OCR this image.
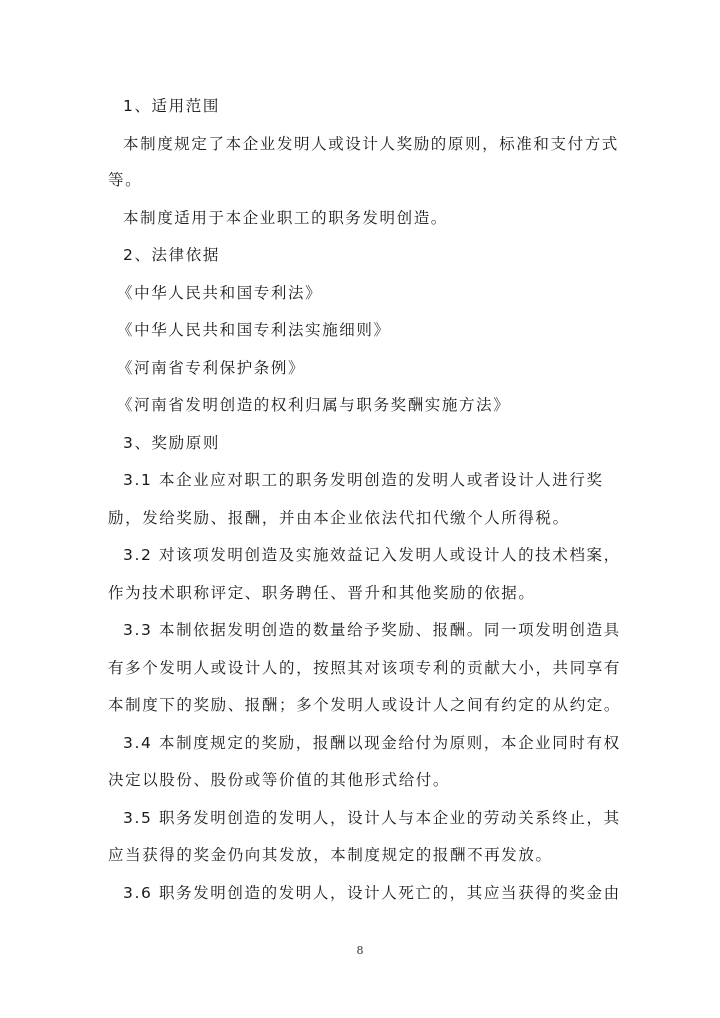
1、适用范围
本制度规定了本企业发明人或设计人奖励的原则，标准和支付方式
等。
本制度适用于本企业职工的职务发明创造。
2、法律依据
《中华人民共和国专利法》
《中华人民共和国专利法实施细则》
《河南省专利保护条例》
《河南省发明创造的权利归属与职务奖酬实施方法》
3、奖励原则
3.1 本企业应对职工的职务发明创造的发明人或者设计人进行奖
励，发给奖励、报酬，并由本企业依法代扣代缴个人所得税。
3.2 对该项发明创造及实施效益记入发明人或设计人的技术档案，
作为技术职称评定、职务聘任、晋升和其他奖励的依据。
3.3 本制依据发明创造的数量给予奖励、报酬。同一项发明创造具
有多个发明人或设计人的，按照其对该项专利的贡献大小，共同享有
本制度下的奖励、报酬；多个发明人或设计人之间有约定的从约定。
3.4 本制度规定的奖励，报酬以现金给付为原则，本企业同时有权
决定以股份、股份或等价值的其他形式给付。
3.5 职务发明创造的发明人，设计人与本企业的劳动关系终止，其
应当获得的奖金仍向其发放，本制度规定的报酬不再发放。
3.6 职务发明创造的发明人，设计人死亡的，其应当获得的奖金由
8
